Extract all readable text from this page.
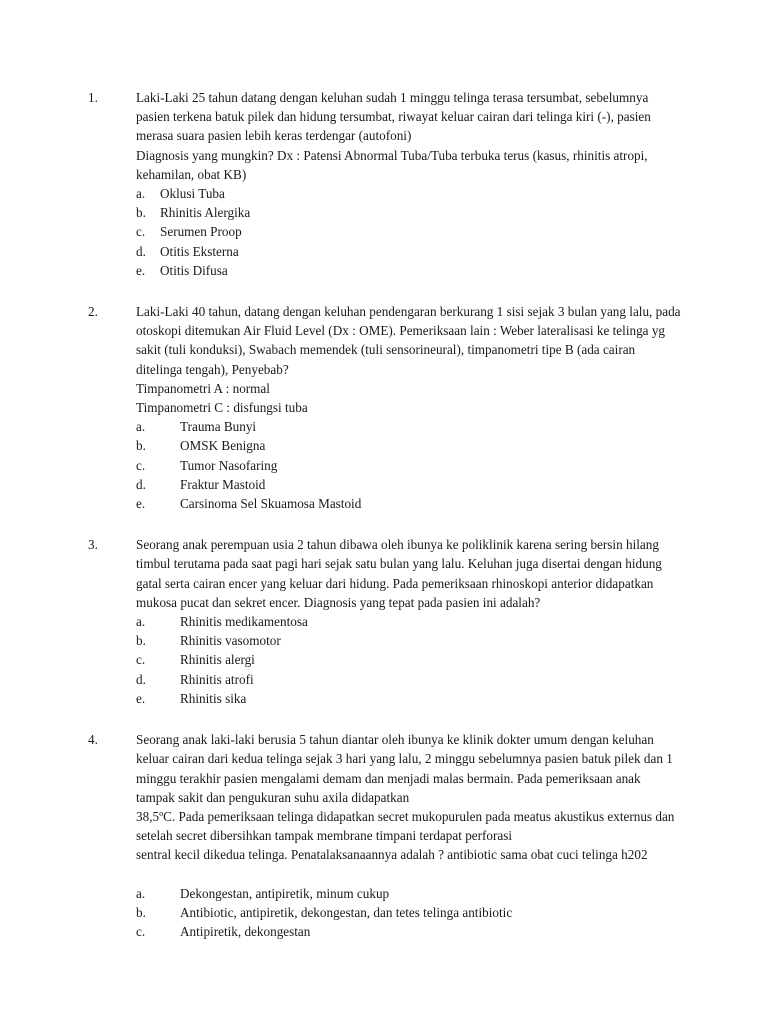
1.	Laki-Laki 25 tahun datang dengan keluhan sudah 1 minggu telinga terasa tersumbat, sebelumnya pasien terkena batuk pilek dan hidung tersumbat, riwayat keluar cairan dari telinga kiri (-), pasien merasa suara pasien lebih keras terdengar (autofoni)

Diagnosis yang mungkin? Dx : Patensi Abnormal Tuba/Tuba terbuka terus (kasus, rhinitis atropi, kehamilan, obat KB)

a.	Oklusi Tuba
b.	Rhinitis Alergika
c.	Serumen Proop
d.	Otitis Eksterna
e.	Otitis Difusa
2.	Laki-Laki 40 tahun, datang dengan keluhan pendengaran berkurang 1 sisi sejak 3 bulan yang lalu, pada otoskopi ditemukan Air Fluid Level (Dx : OME). Pemeriksaan lain : Weber lateralisasi ke telinga yg sakit (tuli konduksi), Swabach memendek (tuli sensorineural), timpanometri tipe B (ada cairan ditelinga tengah), Penyebab?

Timpanometri A : normal

Timpanometri C : disfungsi tuba

a.	Trauma Bunyi
b.	OMSK Benigna
c.	Tumor Nasofaring
d.	Fraktur Mastoid
e.	Carsinoma Sel Skuamosa Mastoid
3.	Seorang anak perempuan usia 2 tahun dibawa oleh ibunya ke poliklinik karena sering bersin hilang timbul terutama pada saat pagi hari sejak satu bulan yang lalu. Keluhan juga disertai dengan hidung gatal serta cairan encer yang keluar dari hidung. Pada pemeriksaan rhinoskopi anterior didapatkan mukosa pucat dan sekret encer. Diagnosis yang tepat pada pasien ini adalah?

a.	Rhinitis medikamentosa
b.	Rhinitis vasomotor
c.	Rhinitis alergi
d.	Rhinitis atrofi
e.	Rhinitis sika
4.	Seorang anak laki-laki berusia 5 tahun diantar oleh ibunya ke klinik dokter umum dengan keluhan keluar cairan dari kedua telinga sejak 3 hari yang lalu, 2 minggu sebelumnya pasien batuk pilek dan 1 minggu terakhir pasien mengalami demam dan menjadi malas bermain. Pada pemeriksaan anak tampak sakit dan pengukuran suhu axila didapatkan

38,5ºC. Pada pemeriksaan telinga didapatkan secret mukopurulen pada meatus akustikus externus dan setelah secret dibersihkan tampak membrane timpani terdapat perforasi

sentral kecil dikedua telinga. Penatalaksanaannya adalah ? antibiotic sama obat cuci telinga h202

a.	Dekongestan, antipiretik, minum cukup
b.	Antibiotic, antipiretik, dekongestan, dan tetes telinga antibiotic
c.	Antipiretik, dekongestan
